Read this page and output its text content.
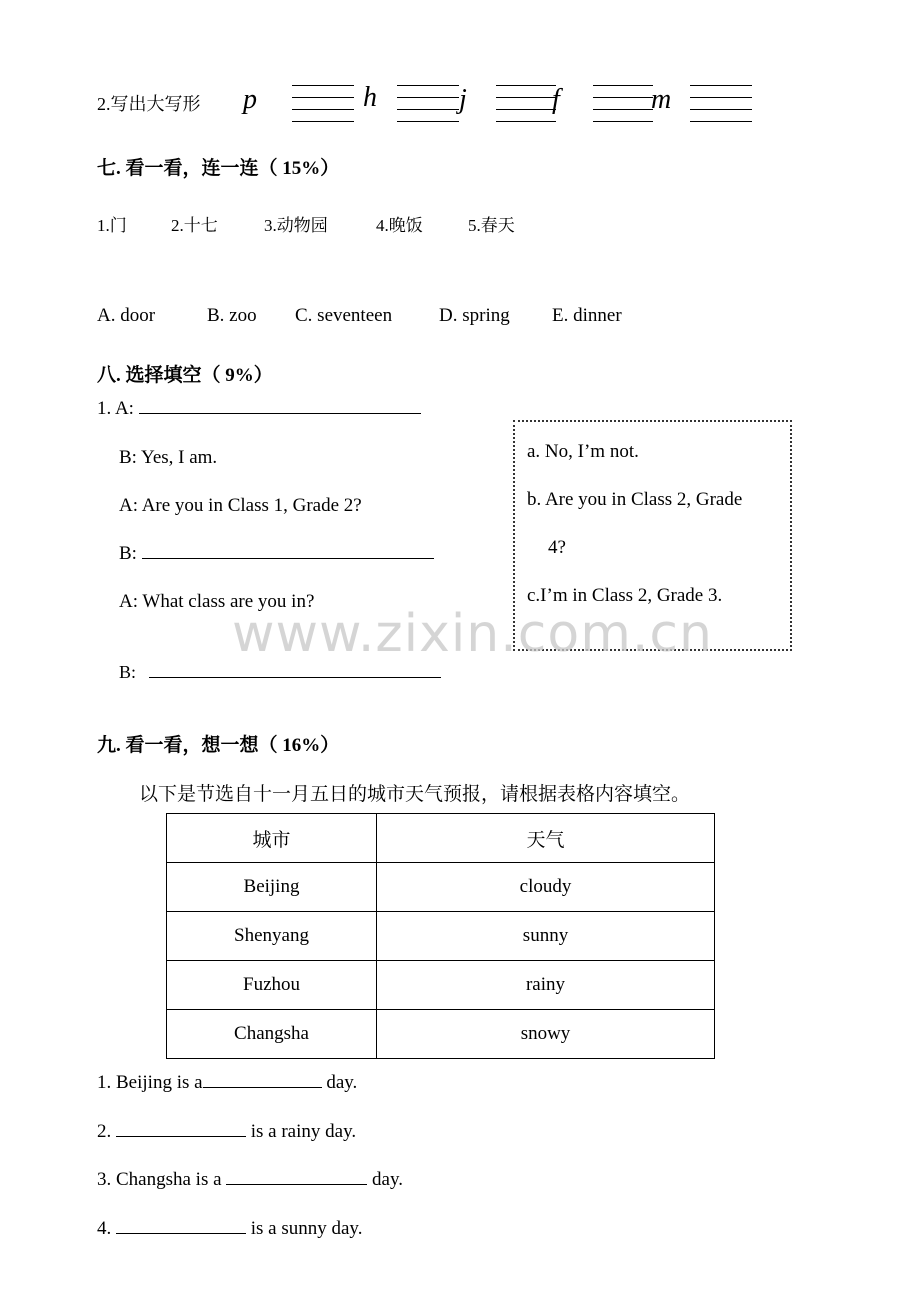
2.写出大写形 p	h	j	f	m
七. 看一看，连一连（ 15%）
1.门	2.十七	3.动物园	4.晚饭	5.春天
A. door	B. zoo C. seventeen D. spring E. dinner
八. 选择填空（ 9%）
1. A:
B: Yes, I am.
A: Are you in Class 1, Grade 2?
B:
A: What class are you in?
B:
a. No, I’m not.
b. Are you in Class 2, Grade
4?
c.I’m in Class 2, Grade 3.
www.zixin.com.cn
九. 看一看，想一想（ 16%）
以下是节选自十一月五日的城市天气预报，请根据表格内容填空。
城市	天气
Beijing	cloudy
Shenyang	sunny
Fuzhou	rainy
Changsha	snowy
1. Beijing is a	day.
2.	is a rainy day.
3. Changsha is a	day.
4.	is a sunny day.
